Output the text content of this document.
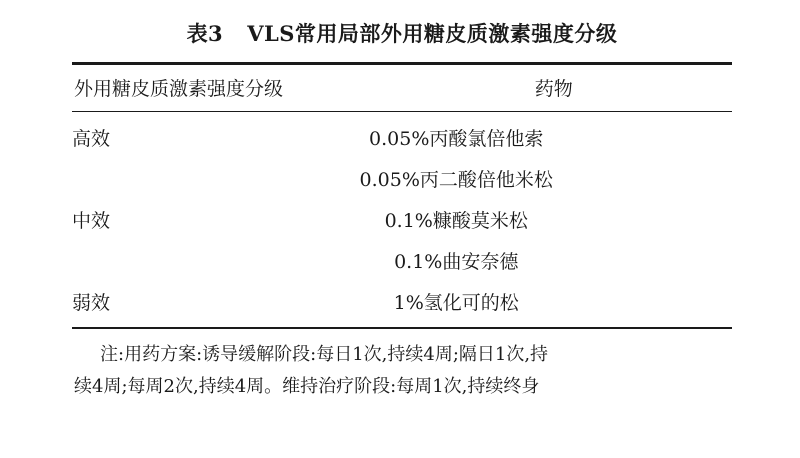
表3 VLS常用局部外用糖皮质激素强度分级
外用糖皮质激素强度分级	药物
高效	0.05%丙酸氯倍他索
	0.05%丙二酸倍他米松
中效	0.1%糠酸莫米松
	0.1%曲安奈德
弱效	1%氢化可的松
注:用药方案:诱导缓解阶段:每日1次,持续4周;隔日1次,持
续4周;每周2次,持续4周。维持治疗阶段:每周1次,持续终身
